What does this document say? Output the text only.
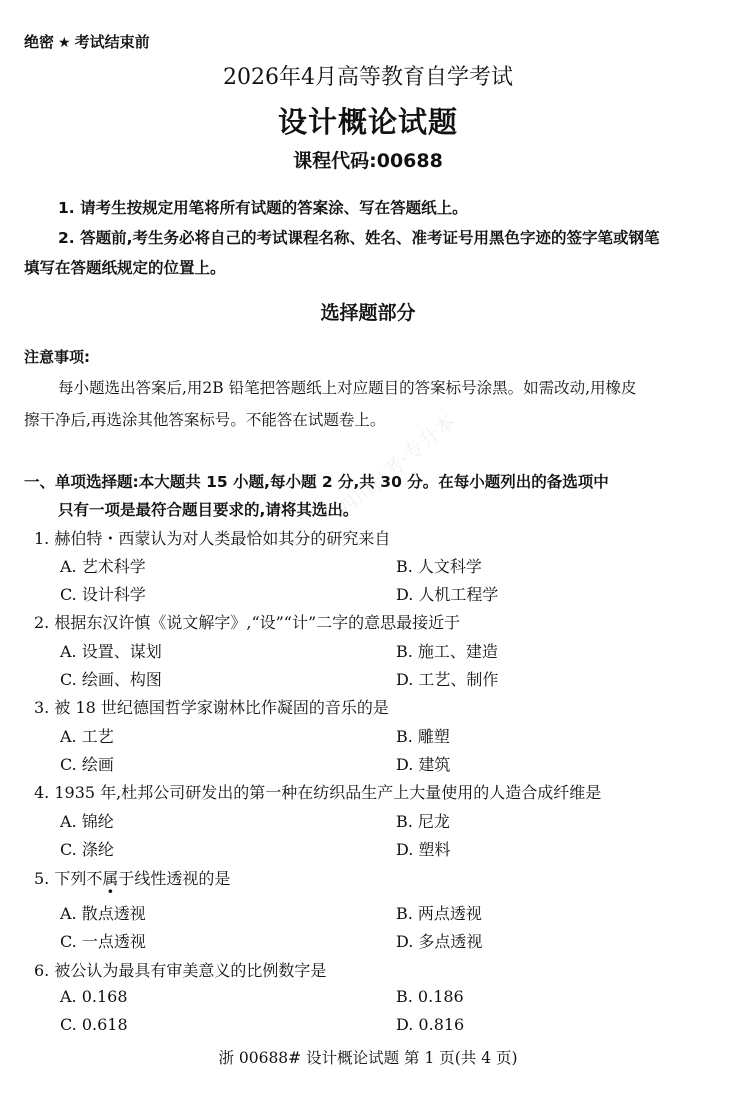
绝密 ★ 考试结束前
2026年4月高等教育自学考试
设计概论试题
课程代码:00688
1. 请考生按规定用笔将所有试题的答案涂、写在答题纸上。
2. 答题前,考生务必将自己的考试课程名称、姓名、准考证号用黑色字迹的签字笔或钢笔
填写在答题纸规定的位置上。
选择题部分
注意事项:
每小题选出答案后,用2B 铅笔把答题纸上对应题目的答案标号涂黑。如需改动,用橡皮
擦干净后,再选涂其他答案标号。不能答在试题卷上。
四川自考·专升本
一、单项选择题:本大题共 15 小题,每小题 2 分,共 30 分。在每小题列出的备选项中
只有一项是最符合题目要求的,请将其选出。
1. 赫伯特・西蒙认为对人类最恰如其分的研究来自
A. 艺术科学	B. 人文科学
C. 设计科学	D. 人机工程学
2. 根据东汉许慎《说文解字》,“设”“计”二字的意思最接近于
A. 设置、谋划	B. 施工、建造
C. 绘画、构图	D. 工艺、制作
3. 被 18 世纪德国哲学家谢林比作凝固的音乐的是
A. 工艺	B. 雕塑
C. 绘画	D. 建筑
4. 1935 年,杜邦公司研发出的第一种在纺织品生产上大量使用的人造合成纤维是
A. 锦纶	B. 尼龙
C. 涤纶	D. 塑料
5. 下列不属于线性透视的是
A. 散点透视	B. 两点透视
C. 一点透视	D. 多点透视
6. 被公认为最具有审美意义的比例数字是
A. 0.168	B. 0.186
C. 0.618	D. 0.816
浙 00688# 设计概论试题 第 1 页(共 4 页)
